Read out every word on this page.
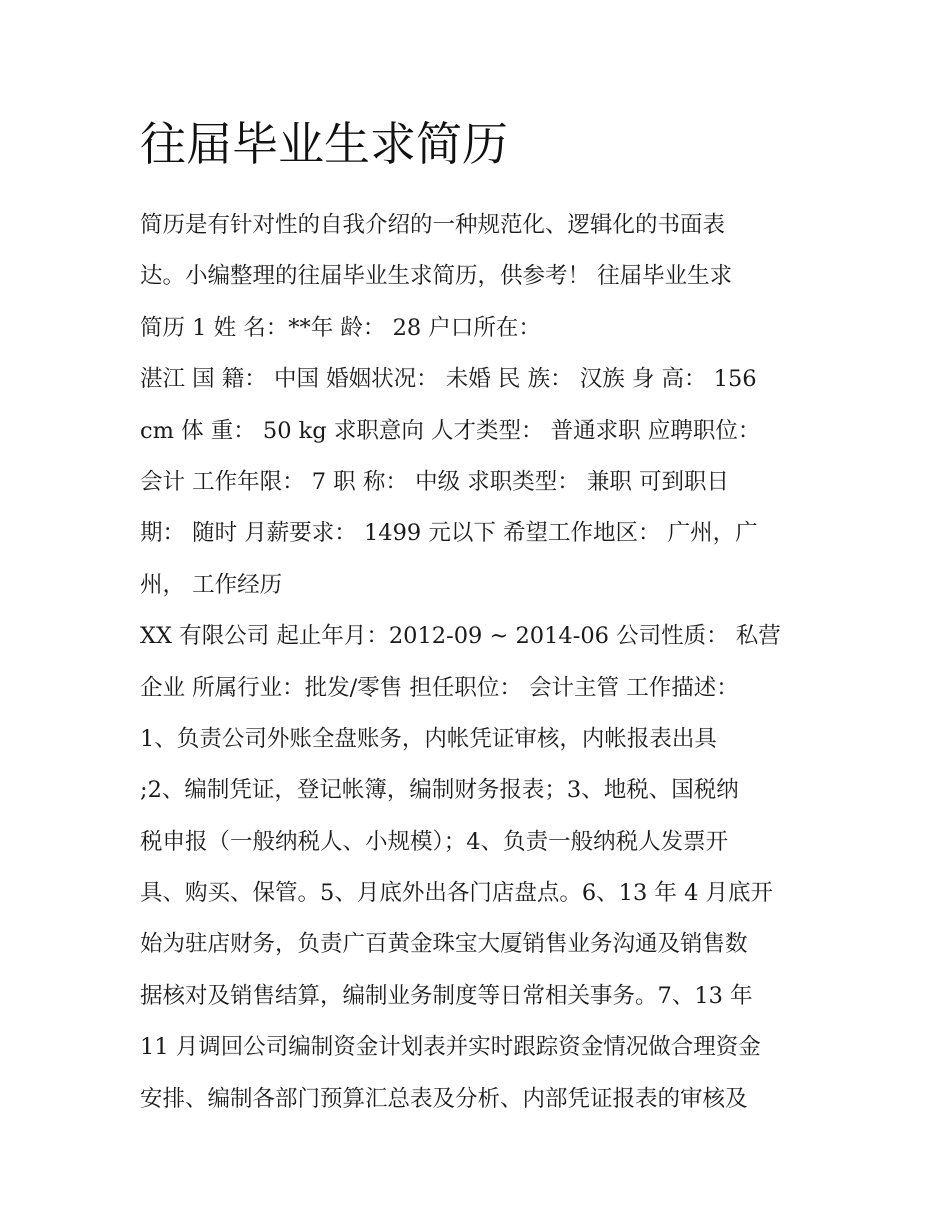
往届毕业生求简历
简历是有针对性的自我介绍的一种规范化、逻辑化的书面表
达。小编整理的往届毕业生求简历，供参考！ 往届毕业生求
简历 1 姓 名：**年 龄： 28 户口所在：
湛江 国 籍： 中国 婚姻状况： 未婚 民 族： 汉族 身 高： 156
cm 体 重： 50 kg 求职意向 人才类型： 普通求职 应聘职位：
会计 工作年限： 7 职 称： 中级 求职类型： 兼职 可到职日
期： 随时 月薪要求： 1499 元以下 希望工作地区： 广州，广
州， 工作经历
XX 有限公司 起止年月：2012-09 ~ 2014-06 公司性质： 私营
企业 所属行业：批发/零售 担任职位： 会计主管 工作描述：
1、负责公司外账全盘账务，内帐凭证审核，内帐报表出具
;2、编制凭证，登记帐簿，编制财务报表；3、地税、国税纳
税申报（一般纳税人、小规模）；4、负责一般纳税人发票开
具、购买、保管。5、月底外出各门店盘点。6、13 年 4 月底开
始为驻店财务，负责广百黄金珠宝大厦销售业务沟通及销售数
据核对及销售结算，编制业务制度等日常相关事务。7、13 年
11 月调回公司编制资金计划表并实时跟踪资金情况做合理资金
安排、编制各部门预算汇总表及分析、内部凭证报表的审核及
